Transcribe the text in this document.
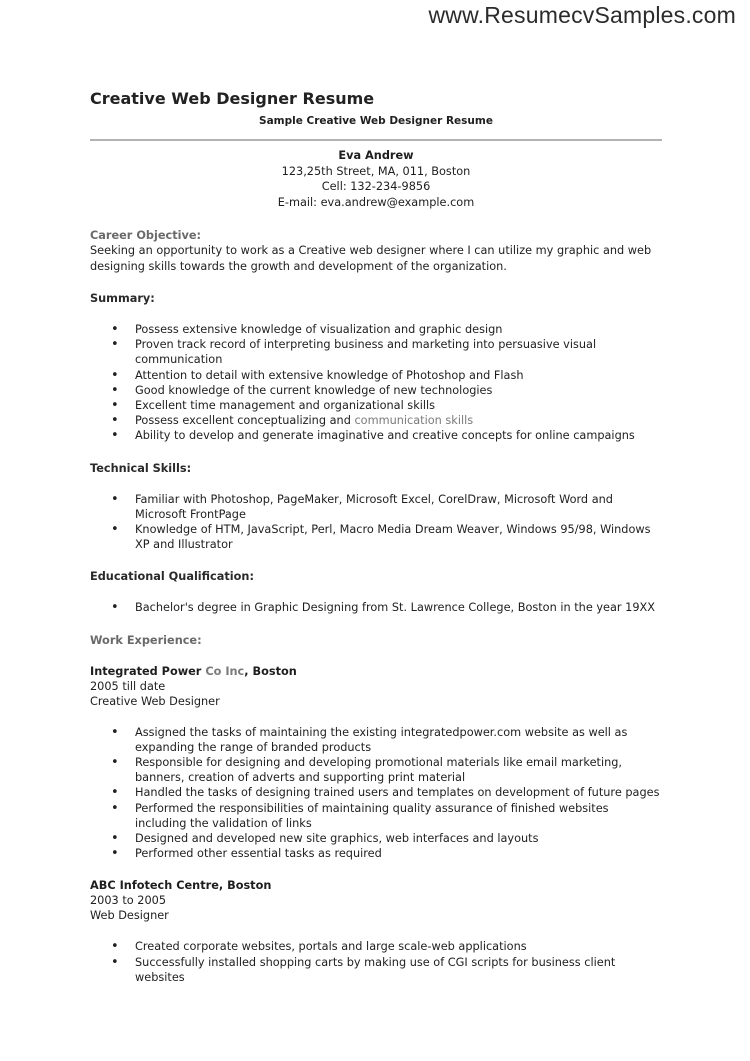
www.ResumecvSamples.com
Creative Web Designer Resume
Sample Creative Web Designer Resume
Eva Andrew
123,25th Street, MA, 011, Boston
Cell: 132-234-9856
E-mail: eva.andrew@example.com
Career Objective:
Seeking an opportunity to work as a Creative web designer where I can utilize my graphic and web designing skills towards the growth and development of the organization.
Summary:
• Possess extensive knowledge of visualization and graphic design
• Proven track record of interpreting business and marketing into persuasive visual communication
• Attention to detail with extensive knowledge of Photoshop and Flash
• Good knowledge of the current knowledge of new technologies
• Excellent time management and organizational skills
• Possess excellent conceptualizing and communication skills
• Ability to develop and generate imaginative and creative concepts for online campaigns
Technical Skills:
• Familiar with Photoshop, PageMaker, Microsoft Excel, CorelDraw, Microsoft Word and Microsoft FrontPage
• Knowledge of HTM, JavaScript, Perl, Macro Media Dream Weaver, Windows 95/98, Windows XP and Illustrator
Educational Qualification:
• Bachelor's degree in Graphic Designing from St. Lawrence College, Boston in the year 19XX
Work Experience:
Integrated Power Co Inc, Boston
2005 till date
Creative Web Designer
• Assigned the tasks of maintaining the existing integratedpower.com website as well as expanding the range of branded products
• Responsible for designing and developing promotional materials like email marketing, banners, creation of adverts and supporting print material
• Handled the tasks of designing trained users and templates on development of future pages
• Performed the responsibilities of maintaining quality assurance of finished websites including the validation of links
• Designed and developed new site graphics, web interfaces and layouts
• Performed other essential tasks as required
ABC Infotech Centre, Boston
2003 to 2005
Web Designer
• Created corporate websites, portals and large scale-web applications
• Successfully installed shopping carts by making use of CGI scripts for business client websites
